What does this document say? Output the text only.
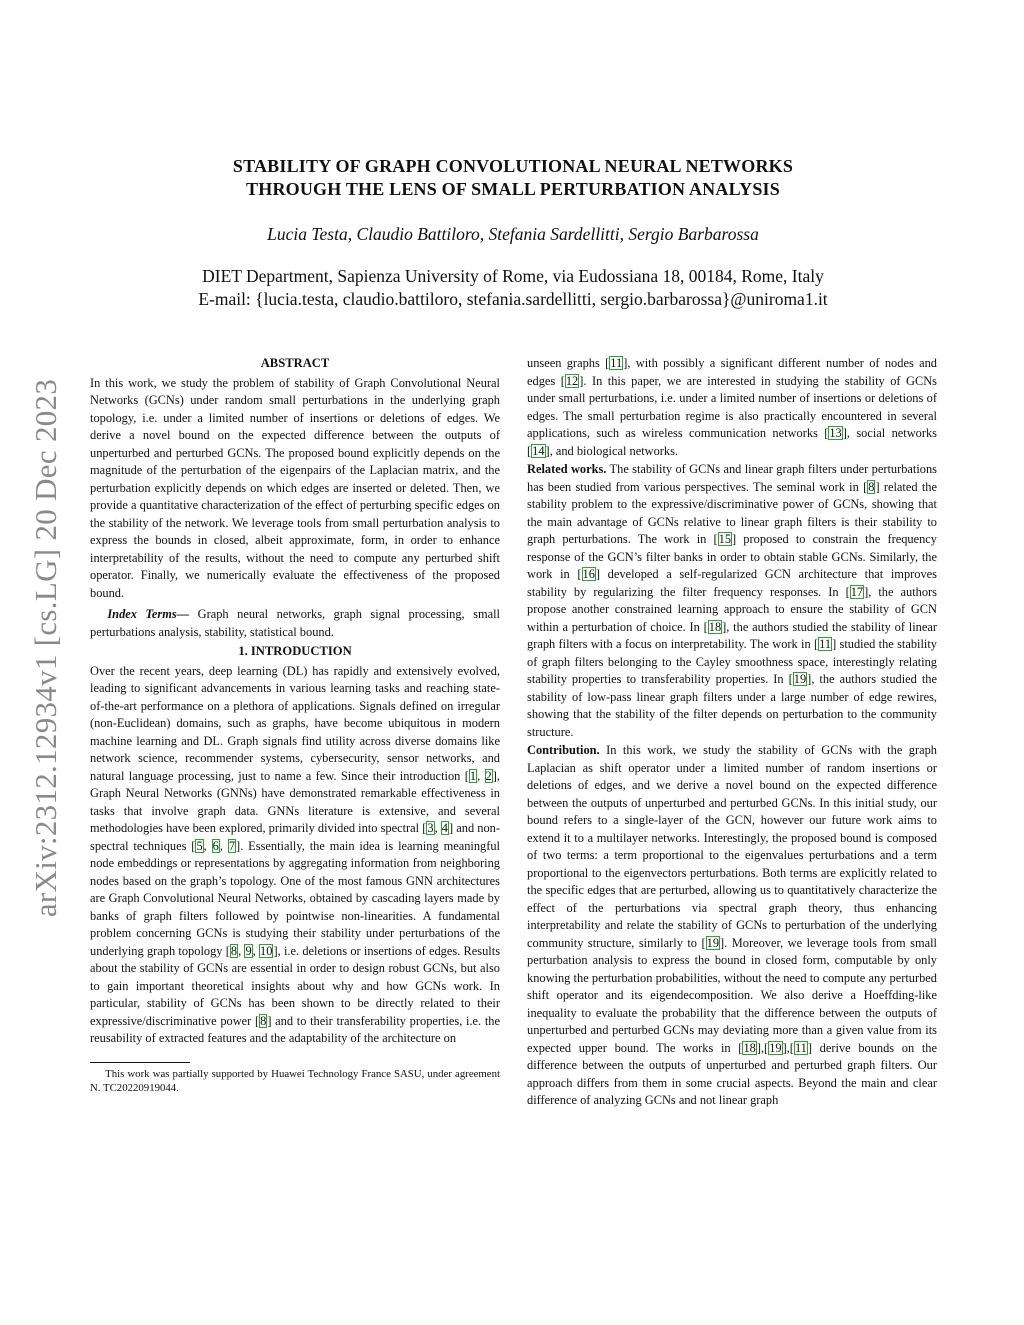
arXiv:2312.12934v1 [cs.LG] 20 Dec 2023
STABILITY OF GRAPH CONVOLUTIONAL NEURAL NETWORKS
THROUGH THE LENS OF SMALL PERTURBATION ANALYSIS

Lucia Testa, Claudio Battiloro, Stefania Sardellitti, Sergio Barbarossa

DIET Department, Sapienza University of Rome, via Eudossiana 18, 00184, Rome, Italy
E-mail: {lucia.testa, claudio.battiloro, stefania.sardellitti, sergio.barbarossa}@uniroma1.it
ABSTRACT

In this work, we study the problem of stability of Graph Convolutional Neural Networks (GCNs) under random small perturbations in the underlying graph topology, i.e. under a limited number of insertions or deletions of edges. We derive a novel bound on the expected difference between the outputs of unperturbed and perturbed GCNs. The proposed bound explicitly depends on the magnitude of the perturbation of the eigenpairs of the Laplacian matrix, and the perturbation explicitly depends on which edges are inserted or deleted. Then, we provide a quantitative characterization of the effect of perturbing specific edges on the stability of the network. We leverage tools from small perturbation analysis to express the bounds in closed, albeit approximate, form, in order to enhance interpretability of the results, without the need to compute any perturbed shift operator. Finally, we numerically evaluate the effectiveness of the proposed bound.

Index Terms— Graph neural networks, graph signal processing, small perturbations analysis, stability, statistical bound.

1. INTRODUCTION

Over the recent years, deep learning (DL) has rapidly and extensively evolved, leading to significant advancements in various learning tasks and reaching state-of-the-art performance on a plethora of applications. Signals defined on irregular (non-Euclidean) domains, such as graphs, have become ubiquitous in modern machine learning and DL. Graph signals find utility across diverse domains like network science, recommender systems, cybersecurity, sensor networks, and natural language processing, just to name a few. Since their introduction [1, 2], Graph Neural Networks (GNNs) have demonstrated remarkable effectiveness in tasks that involve graph data. GNNs literature is extensive, and several methodologies have been explored, primarily divided into spectral [3, 4] and non-spectral techniques [5, 6, 7]. Essentially, the main idea is learning meaningful node embeddings or representations by aggregating information from neighboring nodes based on the graph’s topology. One of the most famous GNN architectures are Graph Convolutional Neural Networks, obtained by cascading layers made by banks of graph filters followed by pointwise non-linearities. A fundamental problem concerning GCNs is studying their stability under perturbations of the underlying graph topology [8, 9, 10], i.e. deletions or insertions of edges. Results about the stability of GCNs are essential in order to design robust GCNs, but also to gain important theoretical insights about why and how GCNs work. In particular, stability of GCNs has been shown to be directly related to their expressive/discriminative power [8] and to their transferability properties, i.e. the reusability of extracted features and the adaptability of the architecture on

This work was partially supported by Huawei Technology France SASU, under agreement N. TC20220919044.

unseen graphs [11], with possibly a significant different number of nodes and edges [12]. In this paper, we are interested in studying the stability of GCNs under small perturbations, i.e. under a limited number of insertions or deletions of edges. The small perturbation regime is also practically encountered in several applications, such as wireless communication networks [13], social networks [14], and biological networks.

Related works. The stability of GCNs and linear graph filters under perturbations has been studied from various perspectives. The seminal work in [8] related the stability problem to the expressive/discriminative power of GCNs, showing that the main advantage of GCNs relative to linear graph filters is their stability to graph perturbations. The work in [15] proposed to constrain the frequency response of the GCN’s filter banks in order to obtain stable GCNs. Similarly, the work in [16] developed a self-regularized GCN architecture that improves stability by regularizing the filter frequency responses. In [17], the authors propose another constrained learning approach to ensure the stability of GCN within a perturbation of choice. In [18], the authors studied the stability of linear graph filters with a focus on interpretability. The work in [11] studied the stability of graph filters belonging to the Cayley smoothness space, interestingly relating stability properties to transferability properties. In [19], the authors studied the stability of low-pass linear graph filters under a large number of edge rewires, showing that the stability of the filter depends on perturbation to the community structure.

Contribution. In this work, we study the stability of GCNs with the graph Laplacian as shift operator under a limited number of random insertions or deletions of edges, and we derive a novel bound on the expected difference between the outputs of unperturbed and perturbed GCNs. In this initial study, our bound refers to a single-layer of the GCN, however our future work aims to extend it to a multilayer networks. Interestingly, the proposed bound is composed of two terms: a term proportional to the eigenvalues perturbations and a term proportional to the eigenvectors perturbations. Both terms are explicitly related to the specific edges that are perturbed, allowing us to quantitatively characterize the effect of the perturbations via spectral graph theory, thus enhancing interpretability and relate the stability of GCNs to perturbation of the underlying community structure, similarly to [19]. Moreover, we leverage tools from small perturbation analysis to express the bound in closed form, computable by only knowing the perturbation probabilities, without the need to compute any perturbed shift operator and its eigendecomposition. We also derive a Hoeffding-like inequality to evaluate the probability that the difference between the outputs of unperturbed and perturbed GCNs may deviating more than a given value from its expected upper bound. The works in [18],[19],[11] derive bounds on the difference between the outputs of unperturbed and perturbed graph filters. Our approach differs from them in some crucial aspects. Beyond the main and clear difference of analyzing GCNs and not linear graph
